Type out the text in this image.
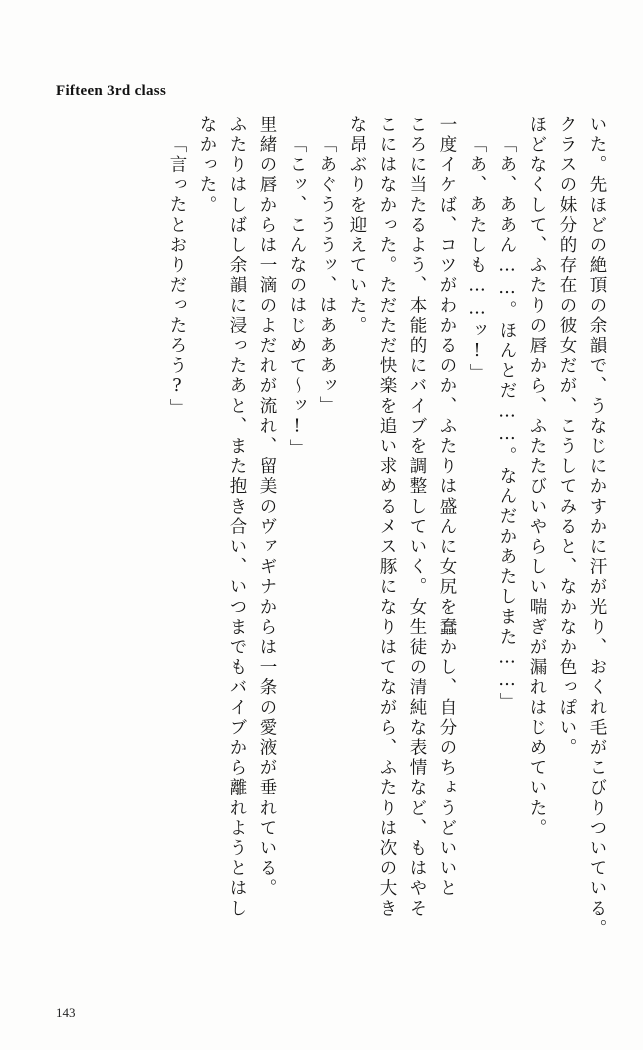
Fifteen 3rd class
いた。先ほどの絶頂の余韻で、うなじにかすかに汗が光り、おくれ毛がこびりついている。
クラスの妹分的存在の彼女だが、こうしてみると、なかなか色っぽい。
ほどなくして、ふたりの唇から、ふたたびいやらしい喘ぎが漏れはじめていた。
「あ、ああん……。ほんとだ……。なんだかあたしまた……」
「あ、あたしも……ッ!」
一度イケば、コツがわかるのか、ふたりは盛んに女尻を蠢かし、自分のちょうどいいと
ころに当たるよう、本能的にバイブを調整していく。女生徒の清純な表情など、もはやそ
こにはなかった。ただただ快楽を追い求めるメス豚になりはてながら、ふたりは次の大き
な昂ぶりを迎えていた。
「あぐうううッ、はあああッ」
「こッ、こんなのはじめて〜ッ!」
里緒の唇からは一滴のよだれが流れ、留美のヴァギナからは一条の愛液が垂れている。
ふたりはしばし余韻に浸ったあと、また抱き合い、いつまでもバイブから離れようとはし
なかった。
「言ったとおりだったろう?」
143
